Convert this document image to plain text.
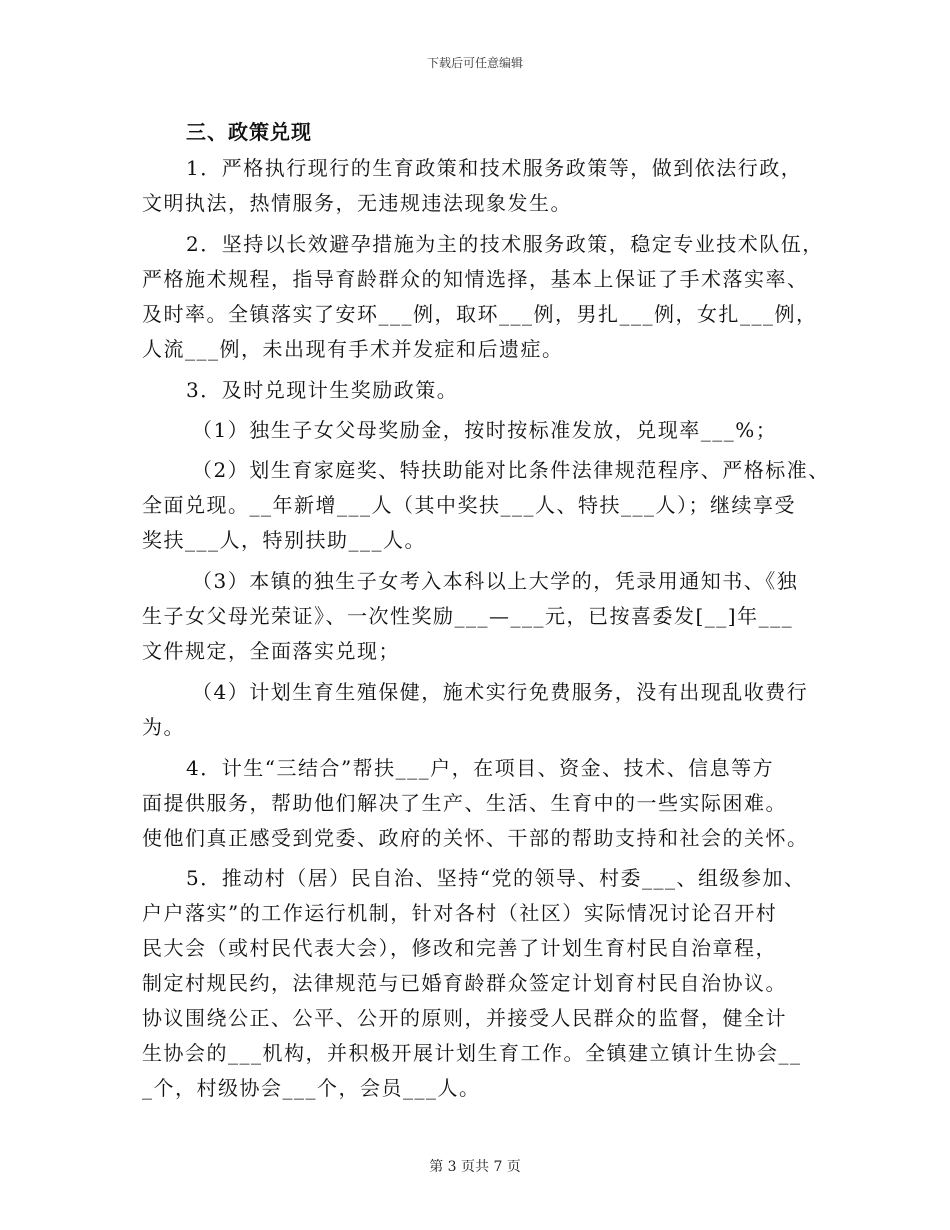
下载后可任意编辑
三、政策兑现
1．严格执行现行的生育政策和技术服务政策等，做到依法行政，
文明执法，热情服务，无违规违法现象发生。
2．坚持以长效避孕措施为主的技术服务政策，稳定专业技术队伍，
严格施术规程，指导育龄群众的知情选择，基本上保证了手术落实率、
及时率。全镇落实了安环___例，取环___例，男扎___例，女扎___例，
人流___例，未出现有手术并发症和后遗症。
3．及时兑现计生奖励政策。
（1）独生子女父母奖励金，按时按标准发放，兑现率___%；
（2）划生育家庭奖、特扶助能对比条件法律规范程序、严格标准、
全面兑现。__年新增___人（其中奖扶___人、特扶___人）；继续享受
奖扶___人，特别扶助___人。
（3）本镇的独生子女考入本科以上大学的，凭录用通知书、《独
生子女父母光荣证》、一次性奖励___—___元，已按喜委发[__]年___
文件规定，全面落实兑现；
（4）计划生育生殖保健，施术实行免费服务，没有出现乱收费行
为。
4．计生“三结合”帮扶___户，在项目、资金、技术、信息等方
面提供服务，帮助他们解决了生产、生活、生育中的一些实际困难。
使他们真正感受到党委、政府的关怀、干部的帮助支持和社会的关怀。
5．推动村（居）民自治、坚持“党的领导、村委___、组级参加、
户户落实”的工作运行机制，针对各村（社区）实际情况讨论召开村
民大会（或村民代表大会），修改和完善了计划生育村民自治章程，
制定村规民约，法律规范与已婚育龄群众签定计划育村民自治协议。
协议围绕公正、公平、公开的原则，并接受人民群众的监督，健全计
生协会的___机构，并积极开展计划生育工作。全镇建立镇计生协会__
_个，村级协会___个，会员___人。
第 3 页共 7 页
